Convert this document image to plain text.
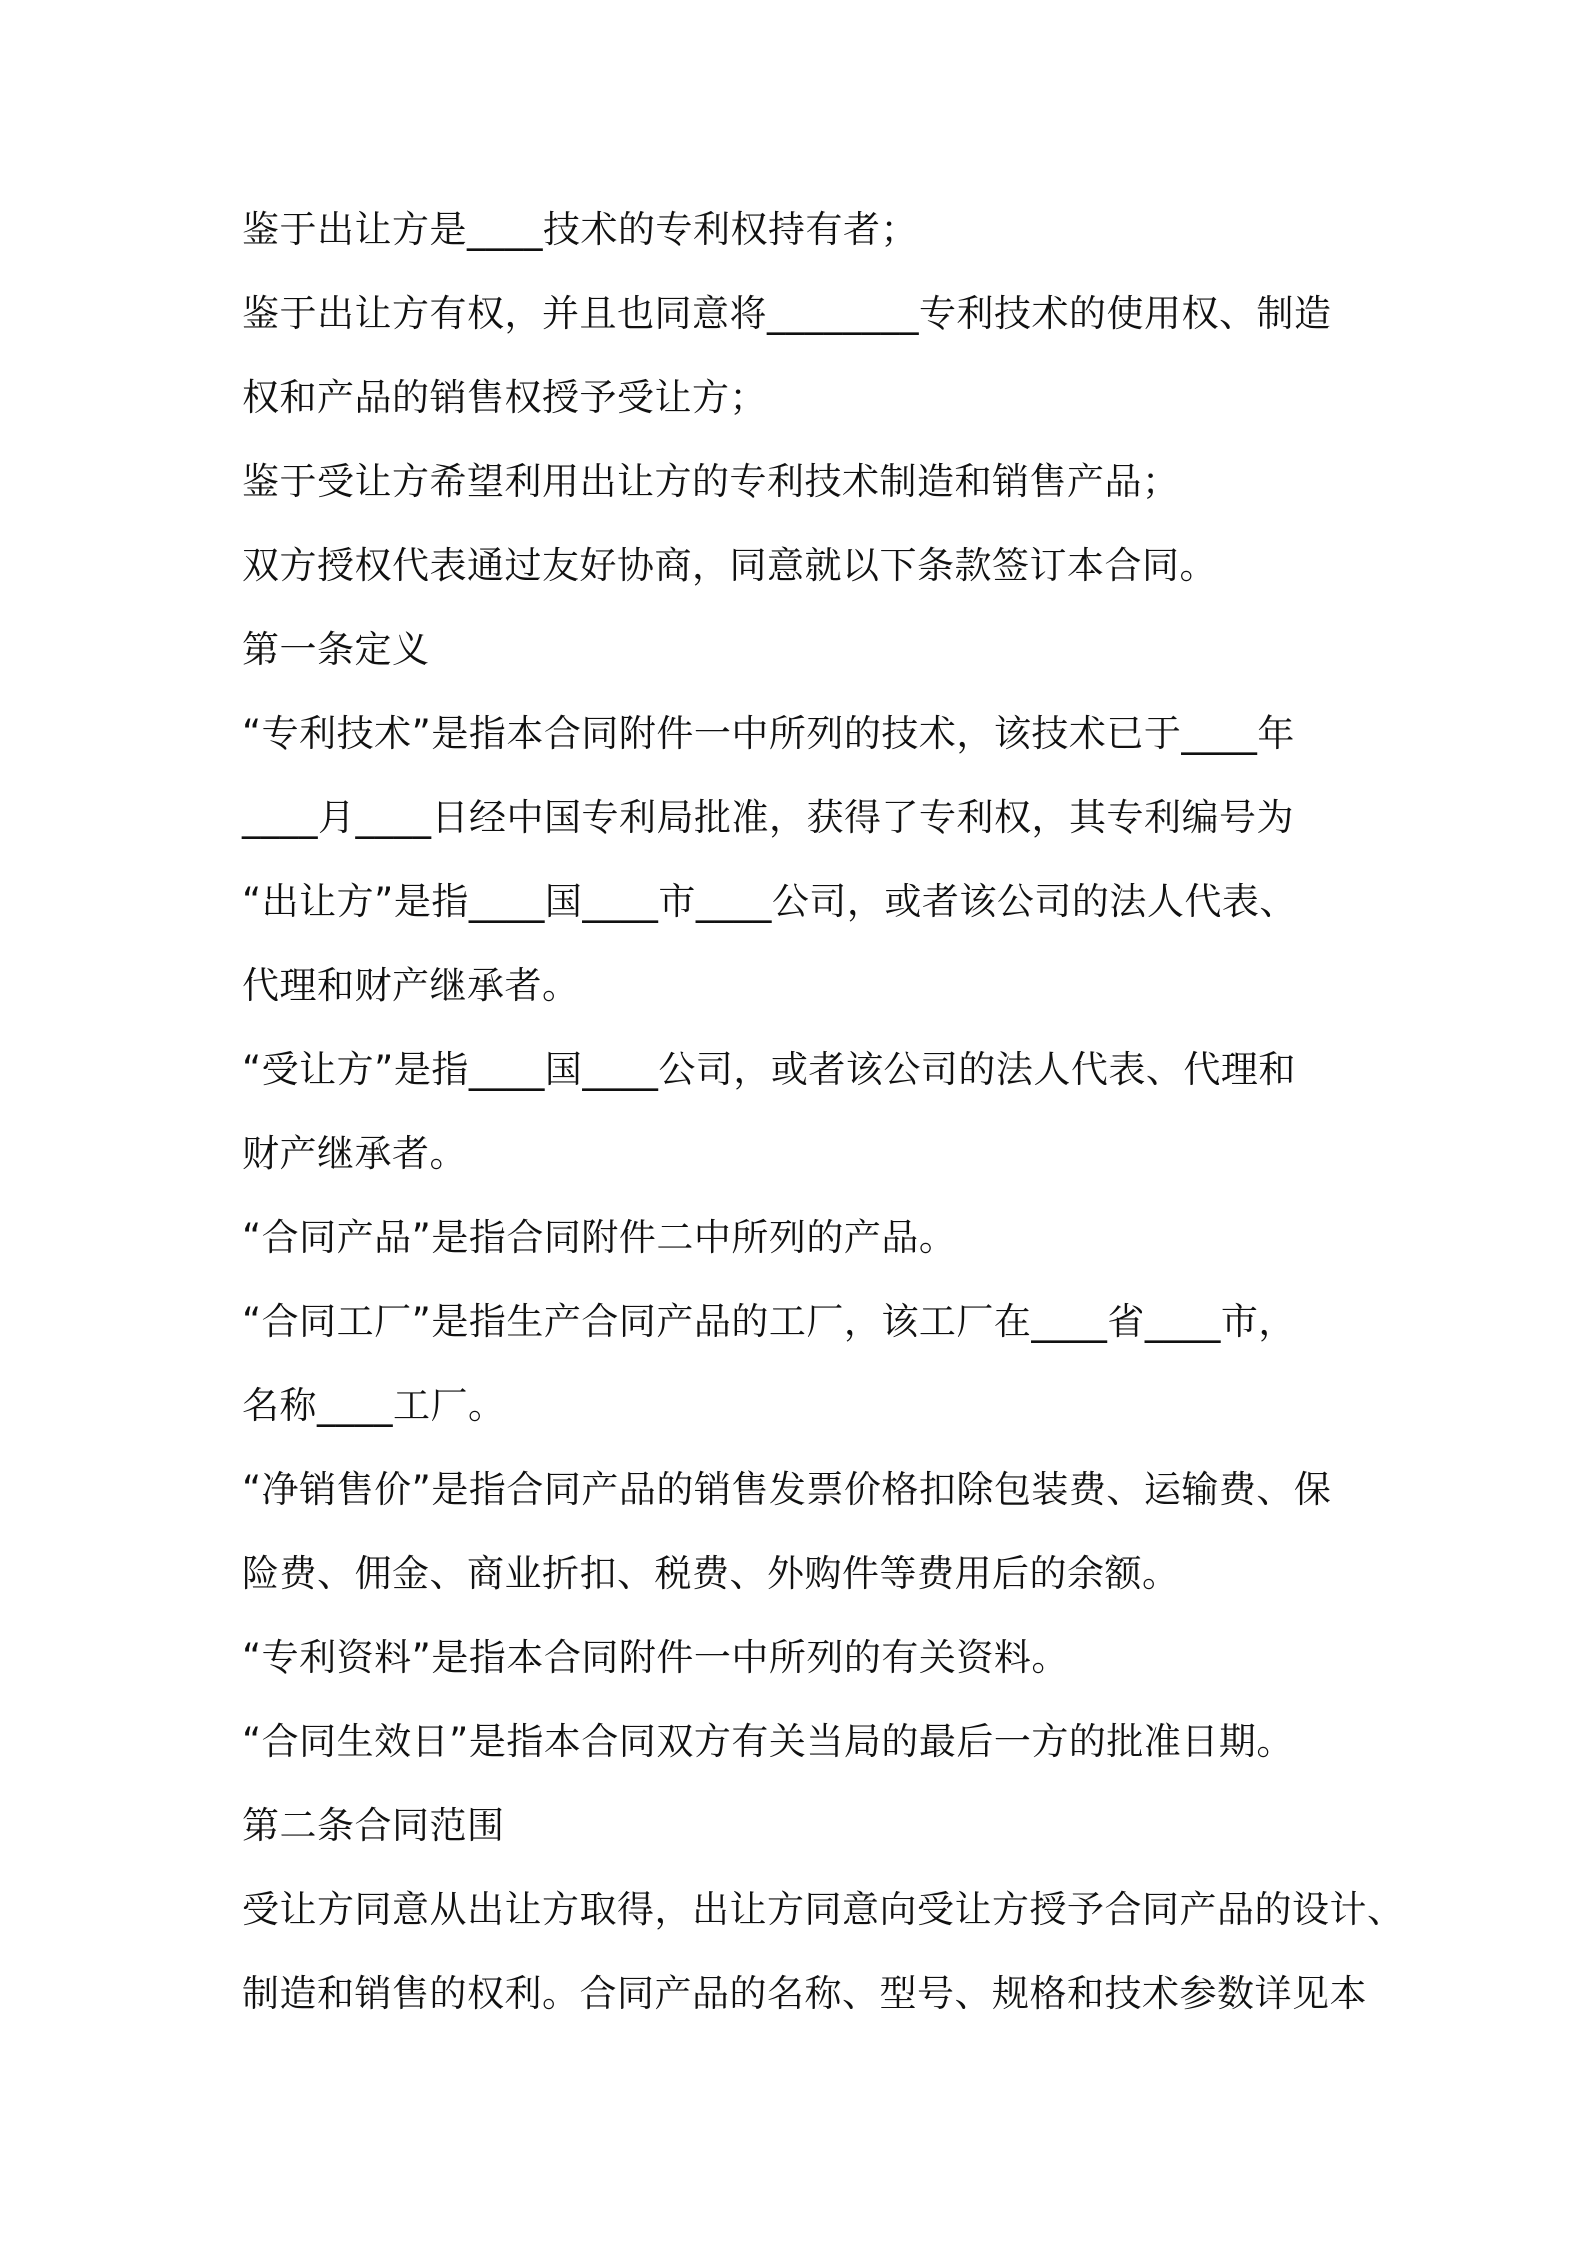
鉴于出让方是____技术的专利权持有者；
鉴于出让方有权，并且也同意将________专利技术的使用权、制造
权和产品的销售权授予受让方；
鉴于受让方希望利用出让方的专利技术制造和销售产品；
双方授权代表通过友好协商，同意就以下条款签订本合同。
第一条定义
“专利技术”是指本合同附件一中所列的技术，该技术已于____年
____月____日经中国专利局批准，获得了专利权，其专利编号为
“出让方”是指____国____市____公司，或者该公司的法人代表、
代理和财产继承者。
“受让方”是指____国____公司，或者该公司的法人代表、代理和
财产继承者。
“合同产品”是指合同附件二中所列的产品。
“合同工厂”是指生产合同产品的工厂，该工厂在____省____市，
名称____工厂。
“净销售价”是指合同产品的销售发票价格扣除包装费、运输费、保
险费、佣金、商业折扣、税费、外购件等费用后的余额。
“专利资料”是指本合同附件一中所列的有关资料。
“合同生效日”是指本合同双方有关当局的最后一方的批准日期。
第二条合同范围
受让方同意从出让方取得，出让方同意向受让方授予合同产品的设计、
制造和销售的权利。合同产品的名称、型号、规格和技术参数详见本
